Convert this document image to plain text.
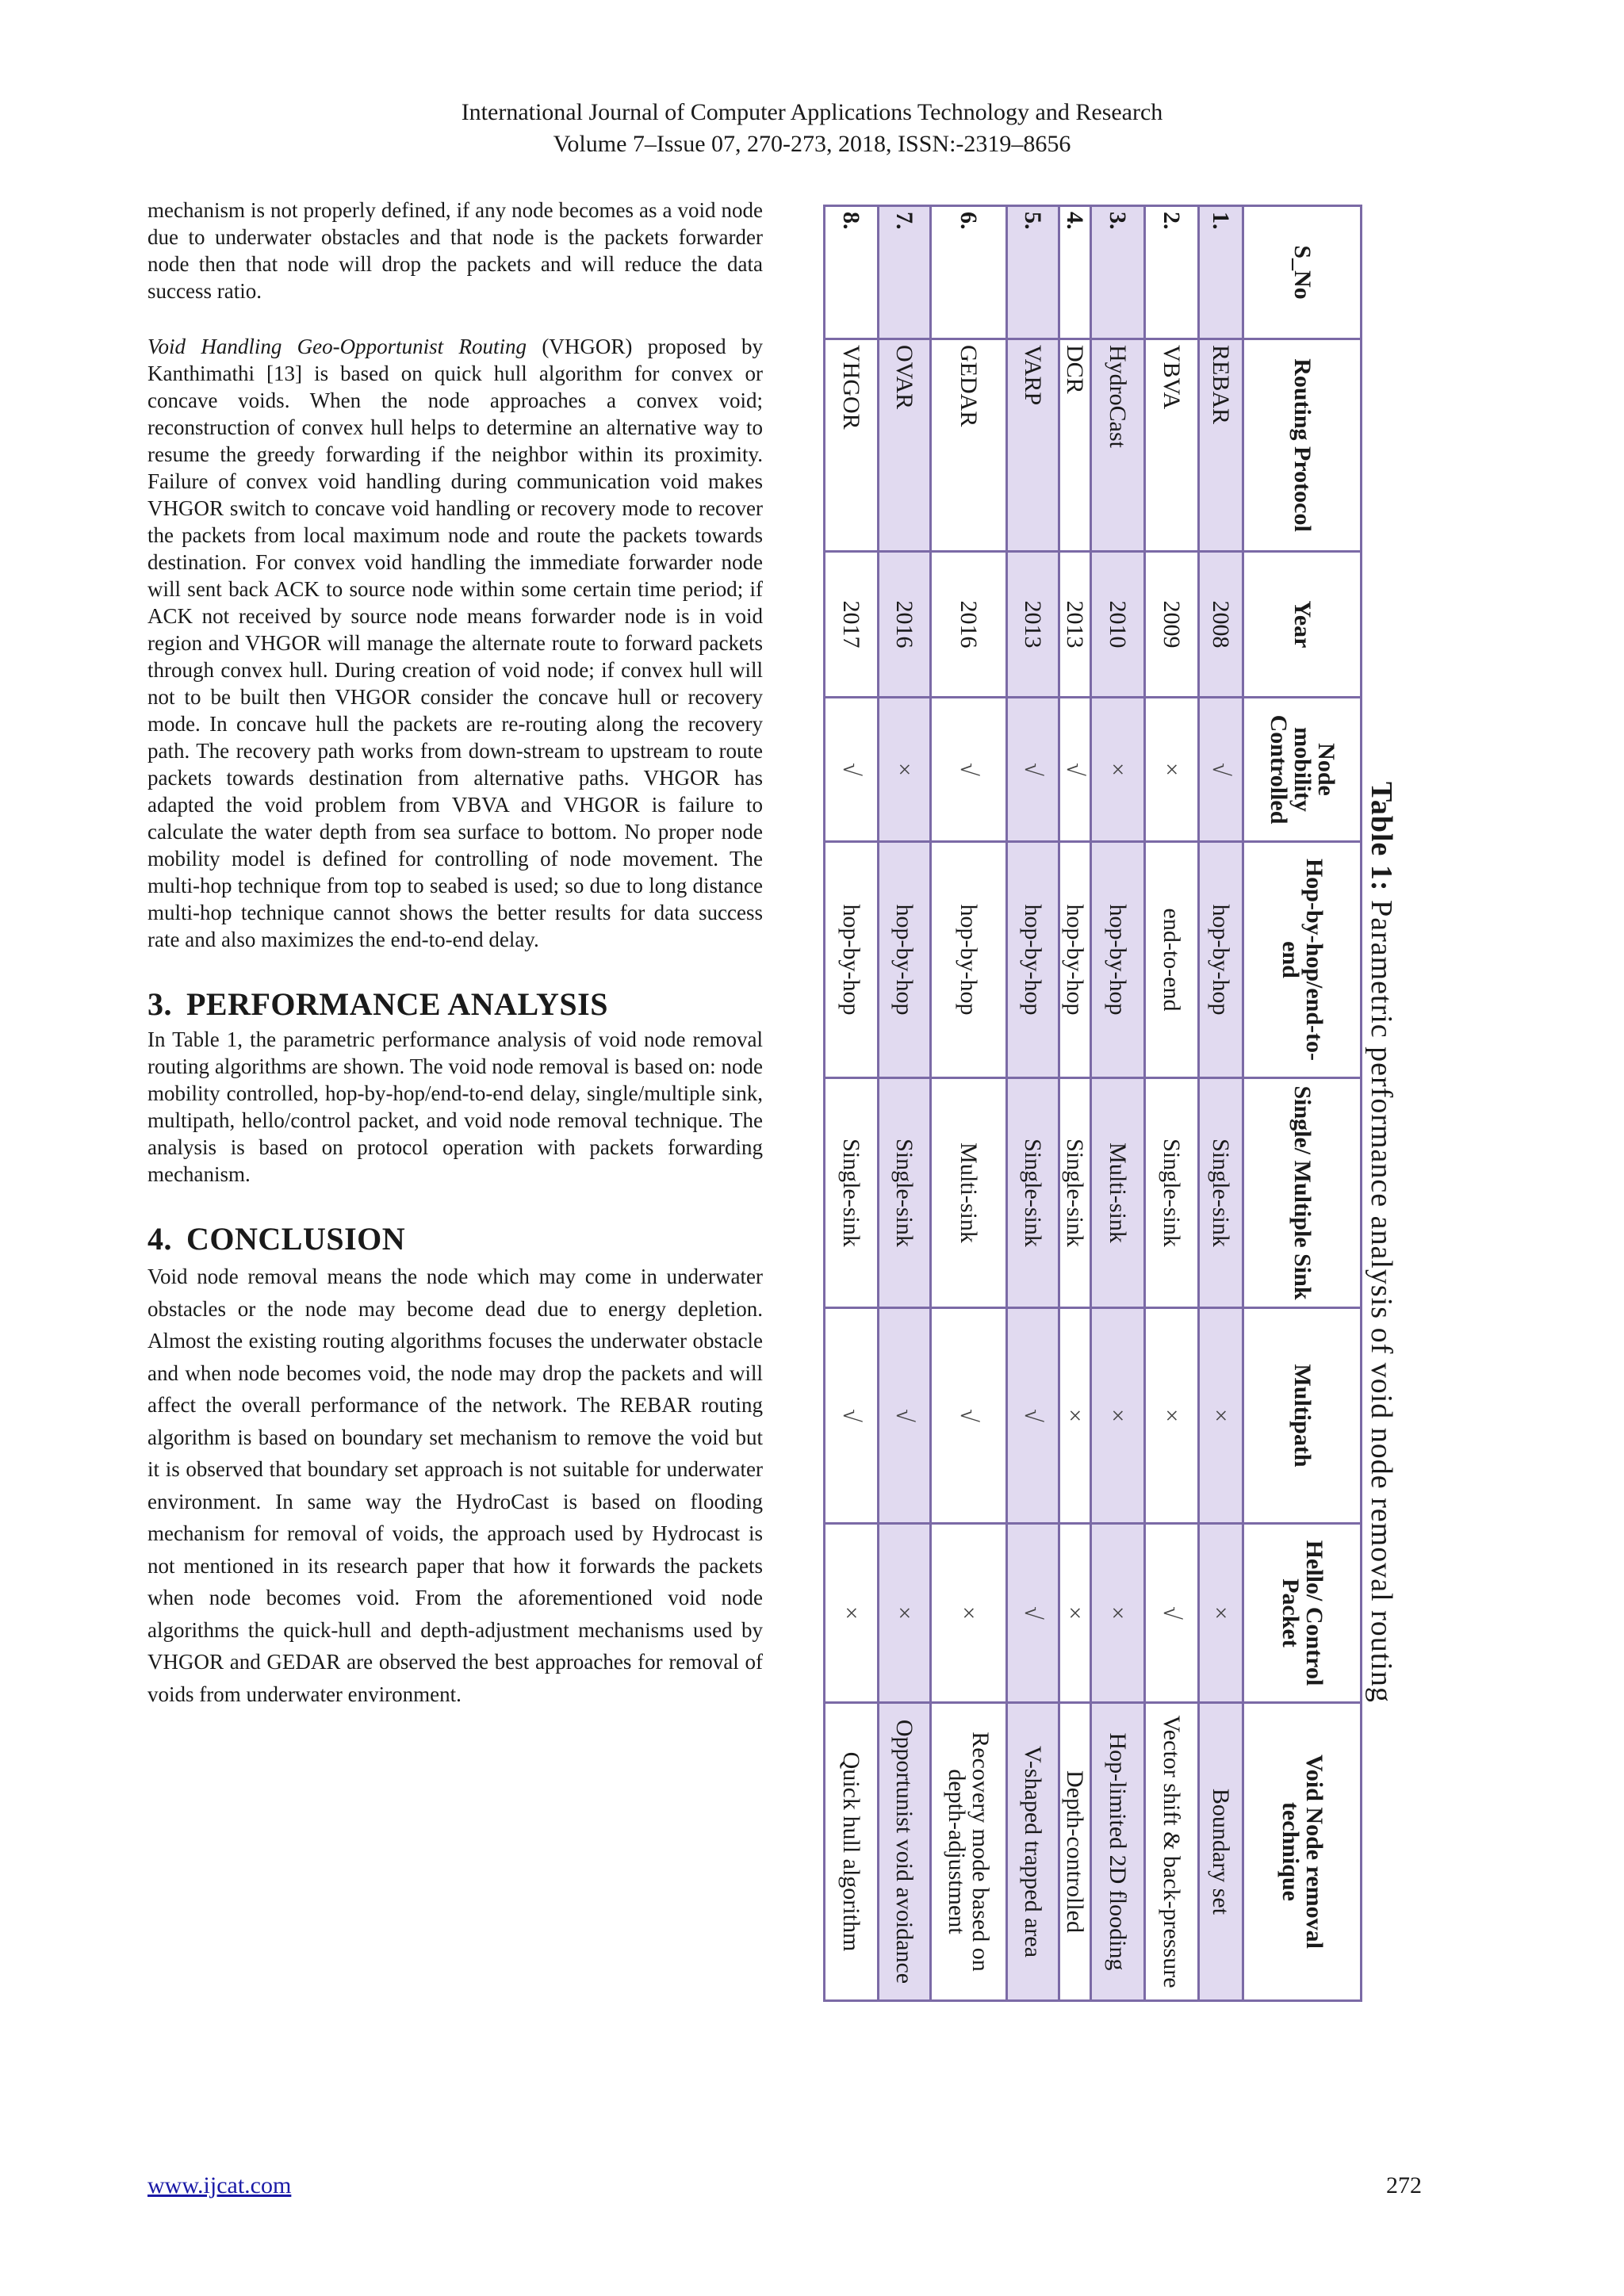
International Journal of Computer Applications Technology and Research
Volume 7–Issue 07, 270-273, 2018, ISSN:-2319–8656

mechanism is not properly defined, if any node becomes as a void node due to underwater obstacles and that node is the packets forwarder node then that node will drop the packets and will reduce the data success ratio.

Void Handling Geo-Opportunist Routing (VHGOR) proposed by Kanthimathi [13] is based on quick hull algorithm for convex or concave voids. When the node approaches a convex void; reconstruction of convex hull helps to determine an alternative way to resume the greedy forwarding if the neighbor within its proximity. Failure of convex void handling during communication void makes VHGOR switch to concave void handling or recovery mode to recover the packets from local maximum node and route the packets towards destination. For convex void handling the immediate forwarder node will sent back ACK to source node within some certain time period; if ACK not received by source node means forwarder node is in void region and VHGOR will manage the alternate route to forward packets through convex hull. During creation of void node; if convex hull will not to be built then VHGOR consider the concave hull or recovery mode. In concave hull the packets are re-routing along the recovery path. The recovery path works from down-stream to upstream to route packets towards destination from alternative paths. VHGOR has adapted the void problem from VBVA and VHGOR is failure to calculate the water depth from sea surface to bottom. No proper node mobility model is defined for controlling of node movement. The multi-hop technique from top to seabed is used; so due to long distance multi-hop technique cannot shows the better results for data success rate and also maximizes the end-to-end delay.

3. PERFORMANCE ANALYSIS

In Table 1, the parametric performance analysis of void node removal routing algorithms are shown. The void node removal is based on: node mobility controlled, hop-by-hop/end-to-end delay, single/multiple sink, multipath, hello/control packet, and void node removal technique. The analysis is based on protocol operation with packets forwarding mechanism.

4. CONCLUSION

Void node removal means the node which may come in underwater obstacles or the node may become dead due to energy depletion. Almost the existing routing algorithms focuses the underwater obstacle and when node becomes void, the node may drop the packets and will affect the overall performance of the network. The REBAR routing algorithm is based on boundary set mechanism to remove the void but it is observed that boundary set approach is not suitable for underwater environment. In same way the HydroCast is based on flooding mechanism for removal of voids, the approach used by Hydrocast is not mentioned in its research paper that how it forwards the packets when node becomes void. From the aforementioned void node algorithms the quick-hull and depth-adjustment mechanisms used by VHGOR and GEDAR are observed the best approaches for removal of voids from underwater environment.

Table 1: Parametric performance analysis of void node removal routing
S_No	Routing Protocol	Year	Node mobility Controlled	Hop-by-hop/end-to-end	Single/ Multiple Sink	Multipath	Hello/ Control Packet	Void Node removal technique
1.	REBAR	2008	√	hop-by-hop	Single-sink	×	×	Boundary set
2.	VBVA	2009	×	end-to-end	Single-sink	×	√	Vector shift & back-pressure
3.	HydroCast	2010	×	hop-by-hop	Multi-sink	×	×	Hop-limited 2D flooding
4.	DCR	2013	√	hop-by-hop	Single-sink	×	×	Depth-controlled
5.	VARP	2013	√	hop-by-hop	Single-sink	√	√	V-shaped trapped area
6.	GEDAR	2016	√	hop-by-hop	Multi-sink	√	×	Recovery mode based on depth-adjustment
7.	OVAR	2016	×	hop-by-hop	Single-sink	√	×	Opportunist void avoidance
8.	VHGOR	2017	√	hop-by-hop	Single-sink	√	×	Quick hull algorithm
www.ijcat.com	272
